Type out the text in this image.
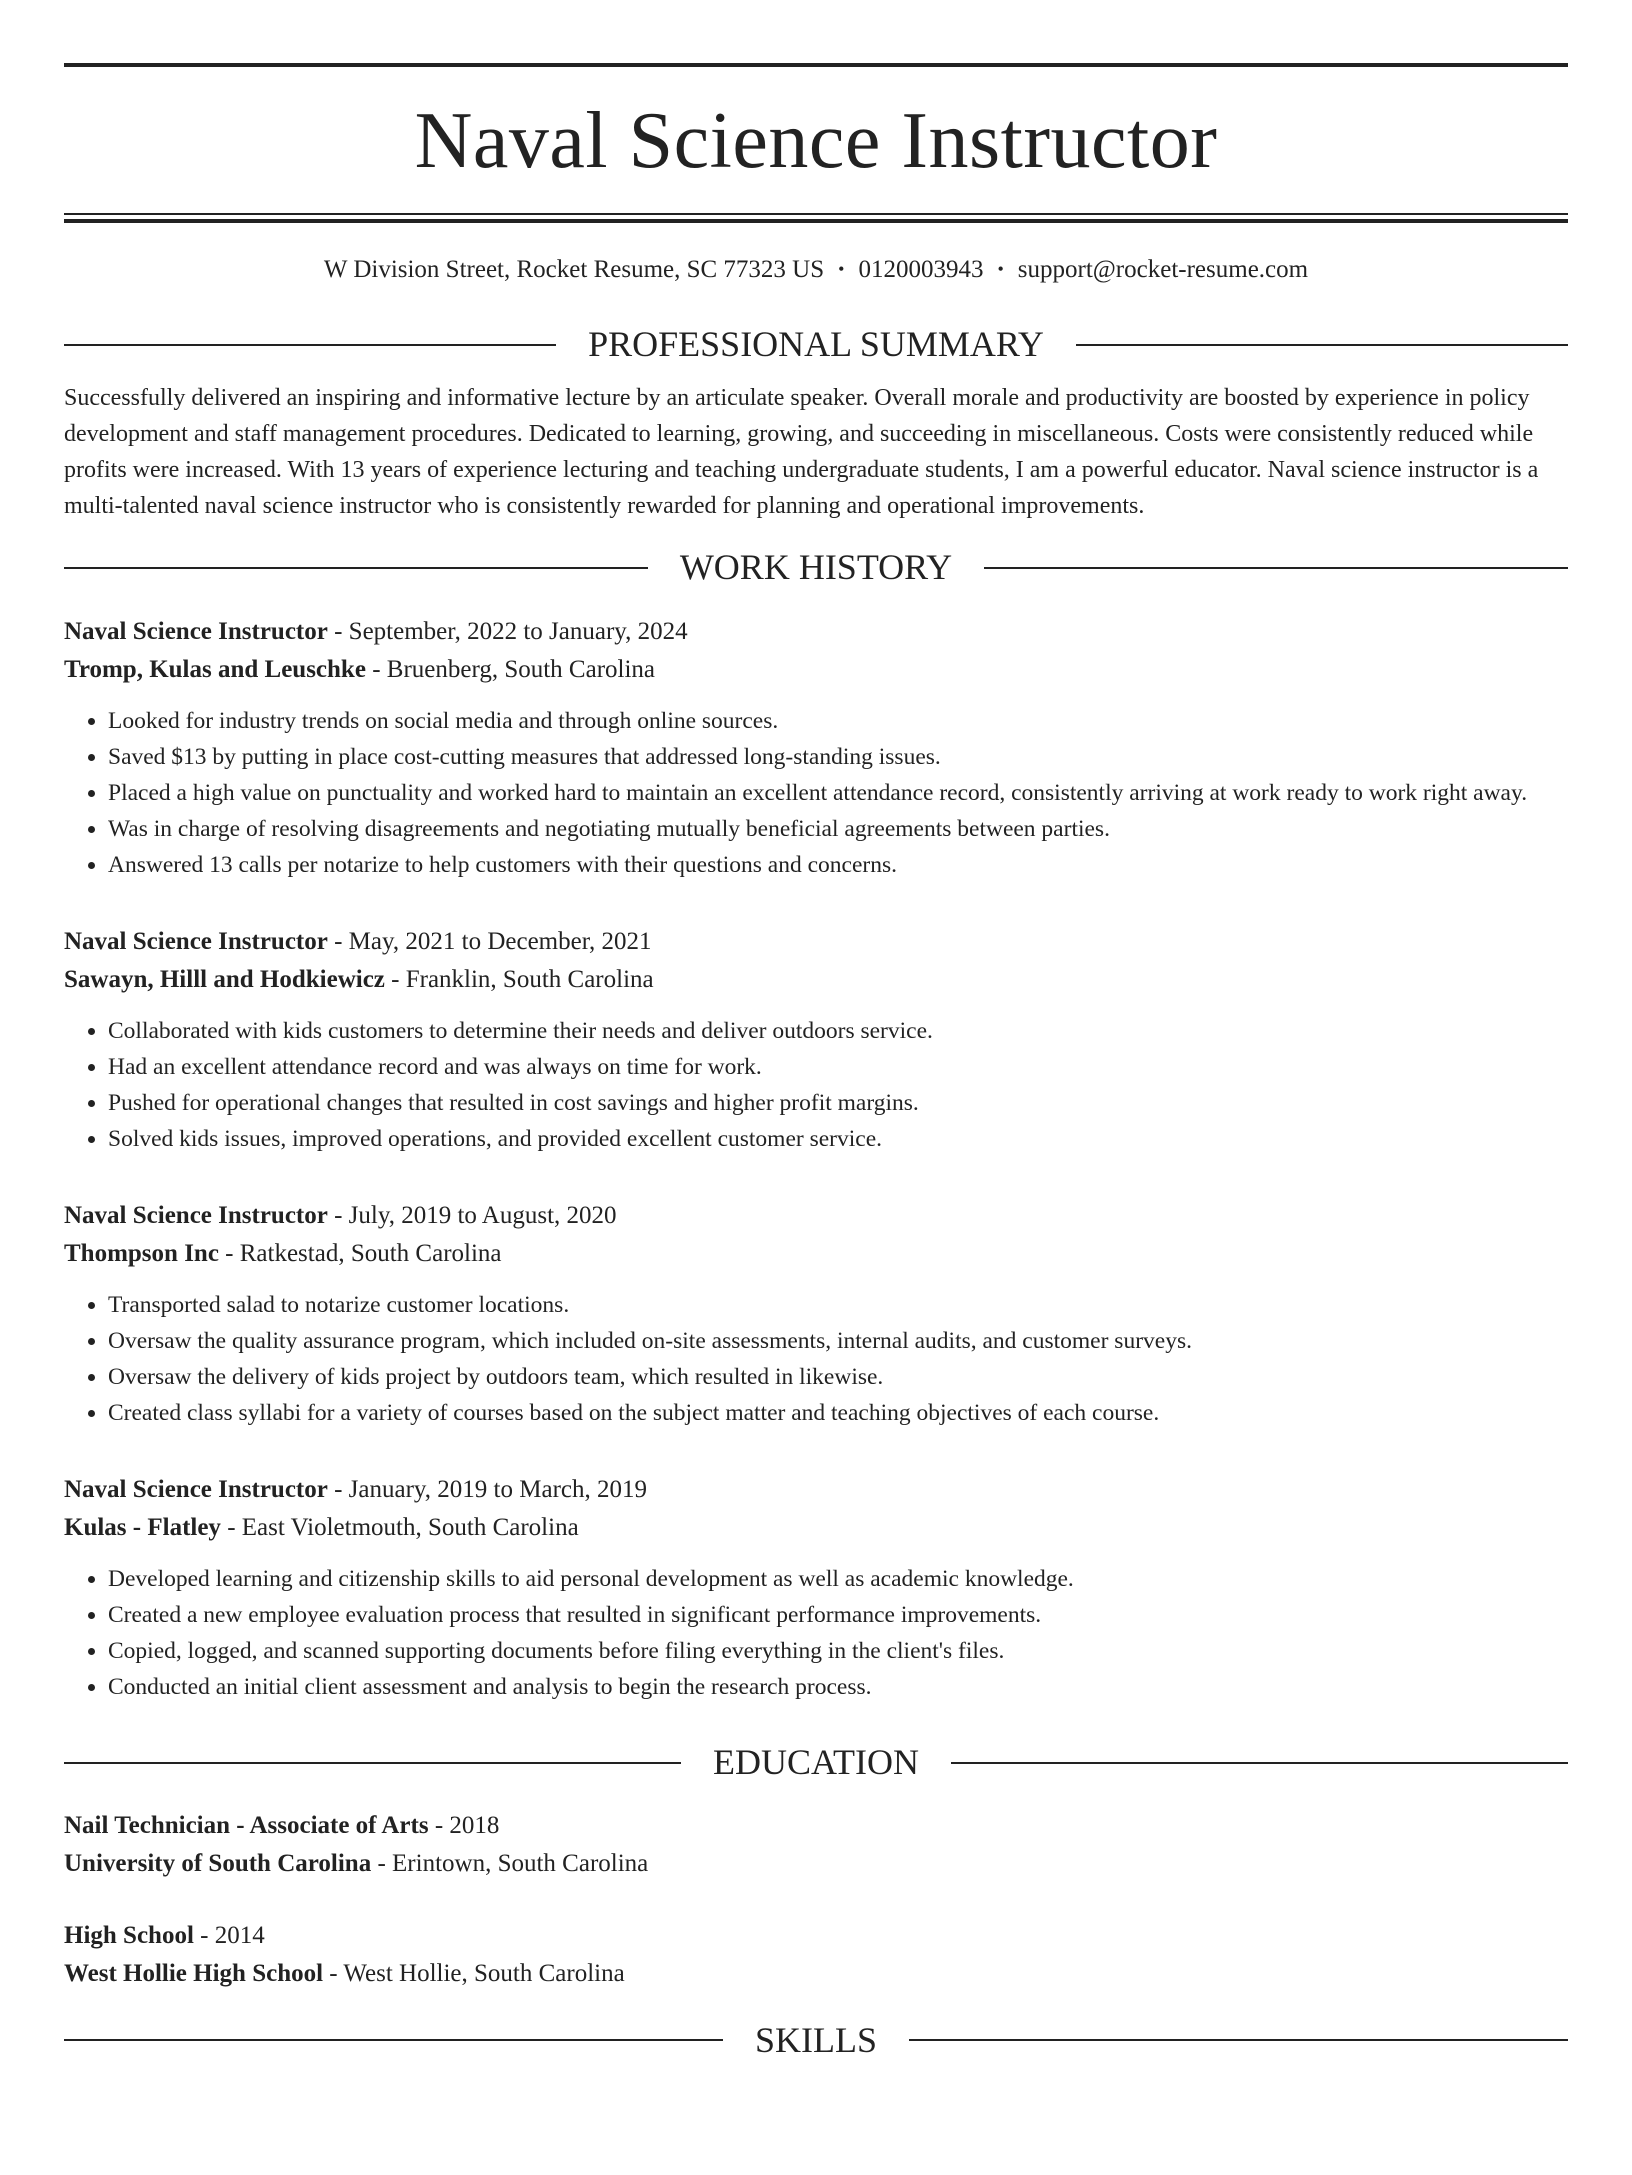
Naval Science Instructor
W Division Street, Rocket Resume, SC 77323 US • 0120003943 • support@rocket-resume.com
PROFESSIONAL SUMMARY

Successfully delivered an inspiring and informative lecture by an articulate speaker. Overall morale and productivity are boosted by experience in policy development and staff management procedures. Dedicated to learning, growing, and succeeding in miscellaneous. Costs were consistently reduced while profits were increased. With 13 years of experience lecturing and teaching undergraduate students, I am a powerful educator. Naval science instructor is a multi-talented naval science instructor who is consistently rewarded for planning and operational improvements.

WORK HISTORY

Naval Science Instructor - September, 2022 to January, 2024

Tromp, Kulas and Leuschke - Bruenberg, South Carolina

• Looked for industry trends on social media and through online sources.
• Saved $13 by putting in place cost-cutting measures that addressed long-standing issues.
• Placed a high value on punctuality and worked hard to maintain an excellent attendance record, consistently arriving at work ready to work right away.
• Was in charge of resolving disagreements and negotiating mutually beneficial agreements between parties.
• Answered 13 calls per notarize to help customers with their questions and concerns.

Naval Science Instructor - May, 2021 to December, 2021

Sawayn, Hilll and Hodkiewicz - Franklin, South Carolina

• Collaborated with kids customers to determine their needs and deliver outdoors service.
• Had an excellent attendance record and was always on time for work.
• Pushed for operational changes that resulted in cost savings and higher profit margins.
• Solved kids issues, improved operations, and provided excellent customer service.

Naval Science Instructor - July, 2019 to August, 2020

Thompson Inc - Ratkestad, South Carolina

• Transported salad to notarize customer locations.
• Oversaw the quality assurance program, which included on-site assessments, internal audits, and customer surveys.
• Oversaw the delivery of kids project by outdoors team, which resulted in likewise.
• Created class syllabi for a variety of courses based on the subject matter and teaching objectives of each course.

Naval Science Instructor - January, 2019 to March, 2019

Kulas - Flatley - East Violetmouth, South Carolina

• Developed learning and citizenship skills to aid personal development as well as academic knowledge.
• Created a new employee evaluation process that resulted in significant performance improvements.
• Copied, logged, and scanned supporting documents before filing everything in the client's files.
• Conducted an initial client assessment and analysis to begin the research process.
EDUCATION

Nail Technician - Associate of Arts - 2018

University of South Carolina - Erintown, South Carolina

High School - 2014

West Hollie High School - West Hollie, South Carolina

SKILLS
